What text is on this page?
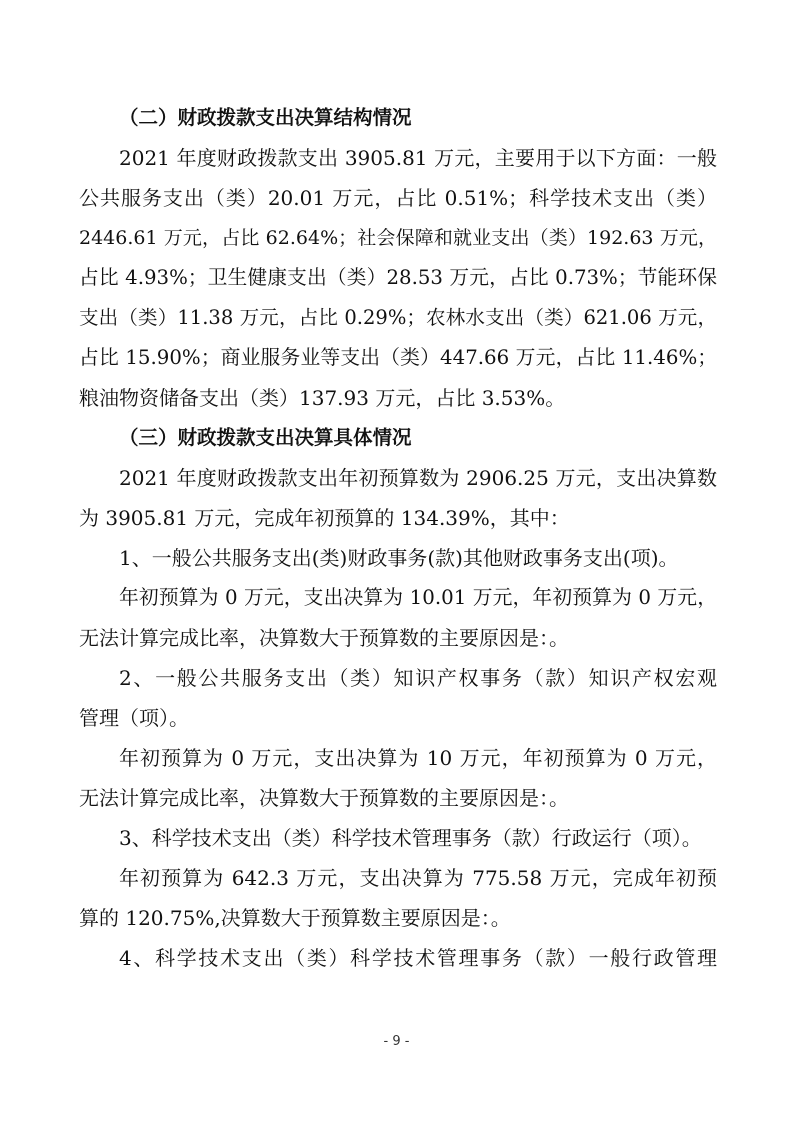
（二）财政拨款支出决算结构情况
2021 年度财政拨款支出 3905.81 万元，主要用于以下方面：一般
公共服务支出（类）20.01 万元，占比 0.51%；科学技术支出（类）
2446.61 万元，占比 62.64%；社会保障和就业支出（类）192.63 万元，
占比 4.93%；卫生健康支出（类）28.53 万元，占比 0.73%；节能环保
支出（类）11.38 万元，占比 0.29%；农林水支出（类）621.06 万元，
占比 15.90%；商业服务业等支出（类）447.66 万元，占比 11.46%；
粮油物资储备支出（类）137.93 万元，占比 3.53%。
（三）财政拨款支出决算具体情况
2021 年度财政拨款支出年初预算数为 2906.25 万元，支出决算数
为 3905.81 万元，完成年初预算的 134.39%，其中：
1、一般公共服务支出(类)财政事务(款)其他财政事务支出(项)。
年初预算为 0 万元，支出决算为 10.01 万元，年初预算为 0 万元，
无法计算完成比率，决算数大于预算数的主要原因是：。
2、一般公共服务支出（类）知识产权事务（款）知识产权宏观
管理（项）。
年初预算为 0 万元，支出决算为 10 万元，年初预算为 0 万元，
无法计算完成比率，决算数大于预算数的主要原因是：。
3、科学技术支出（类）科学技术管理事务（款）行政运行（项）。
年初预算为 642.3 万元，支出决算为 775.58 万元，完成年初预
算的 120.75%,决算数大于预算数主要原因是：。
4、科学技术支出（类）科学技术管理事务（款）一般行政管理
- 9 -
